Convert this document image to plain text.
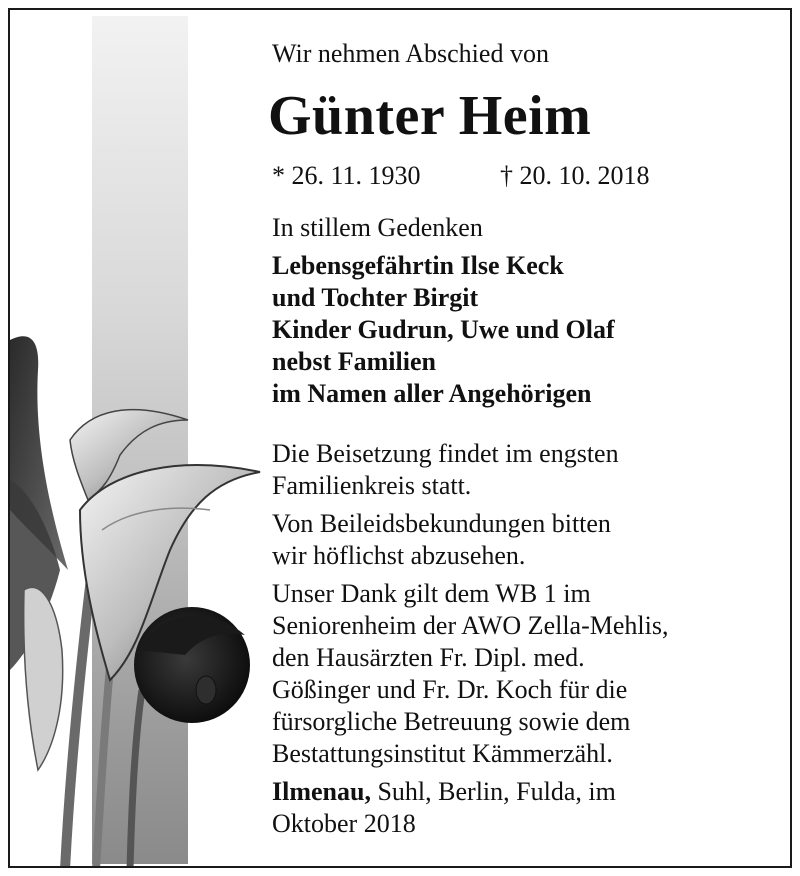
Wir nehmen Abschied von
Günter Heim
* 26. 11. 1930	† 20. 10. 2018
In stillem Gedenken
Lebensgefährtin Ilse Keck
und Tochter Birgit
Kinder Gudrun, Uwe und Olaf
nebst Familien
im Namen aller Angehörigen
Die Beisetzung findet im engsten
Familienkreis statt.
Von Beileidsbekundungen bitten
wir höflichst abzusehen.
Unser Dank gilt dem WB 1 im
Seniorenheim der AWO Zella-Mehlis,
den Hausärzten Fr. Dipl. med.
Gößinger und Fr. Dr. Koch für die
fürsorgliche Betreuung sowie dem
Bestattungsinstitut Kämmerzähl.
Ilmenau, Suhl, Berlin, Fulda, im
Oktober 2018
